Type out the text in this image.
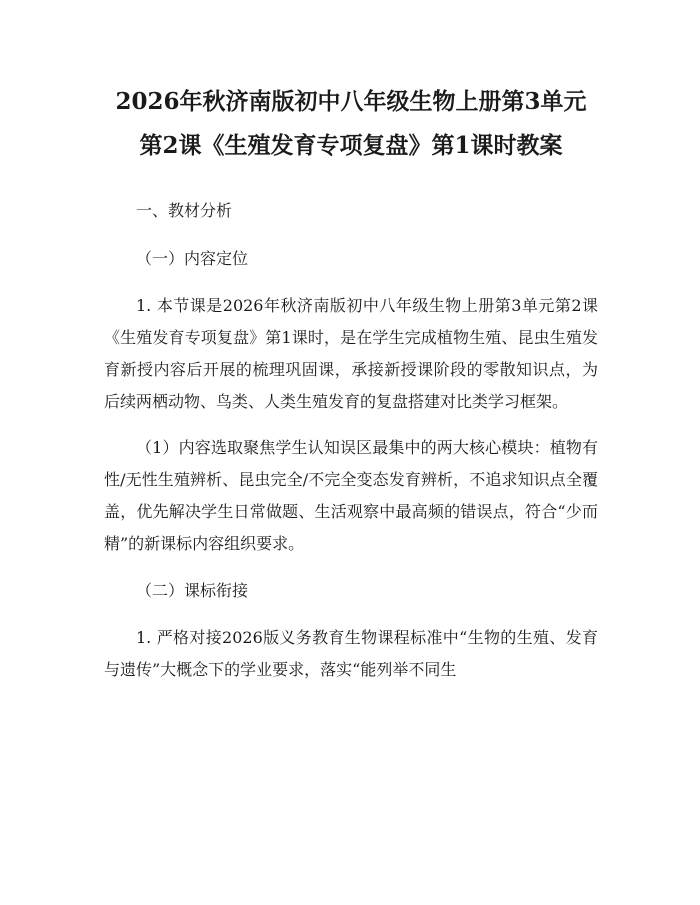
2026年秋济南版初中八年级生物上册第3单元第2课《生殖发育专项复盘》第1课时教案

一、教材分析

（一）内容定位

1. 本节课是2026年秋济南版初中八年级生物上册第3单元第2课《生殖发育专项复盘》第1课时，是在学生完成植物生殖、昆虫生殖发育新授内容后开展的梳理巩固课，承接新授课阶段的零散知识点，为后续两栖动物、鸟类、人类生殖发育的复盘搭建对比类学习框架。

（1）内容选取聚焦学生认知误区最集中的两大核心模块：植物有性/无性生殖辨析、昆虫完全/不完全变态发育辨析，不追求知识点全覆盖，优先解决学生日常做题、生活观察中最高频的错误点，符合“少而精”的新课标内容组织要求。

（二）课标衔接

1. 严格对接2026版义务教育生物课程标准中“生物的生殖、发育与遗传”大概念下的学业要求，落实“能列举不同生
